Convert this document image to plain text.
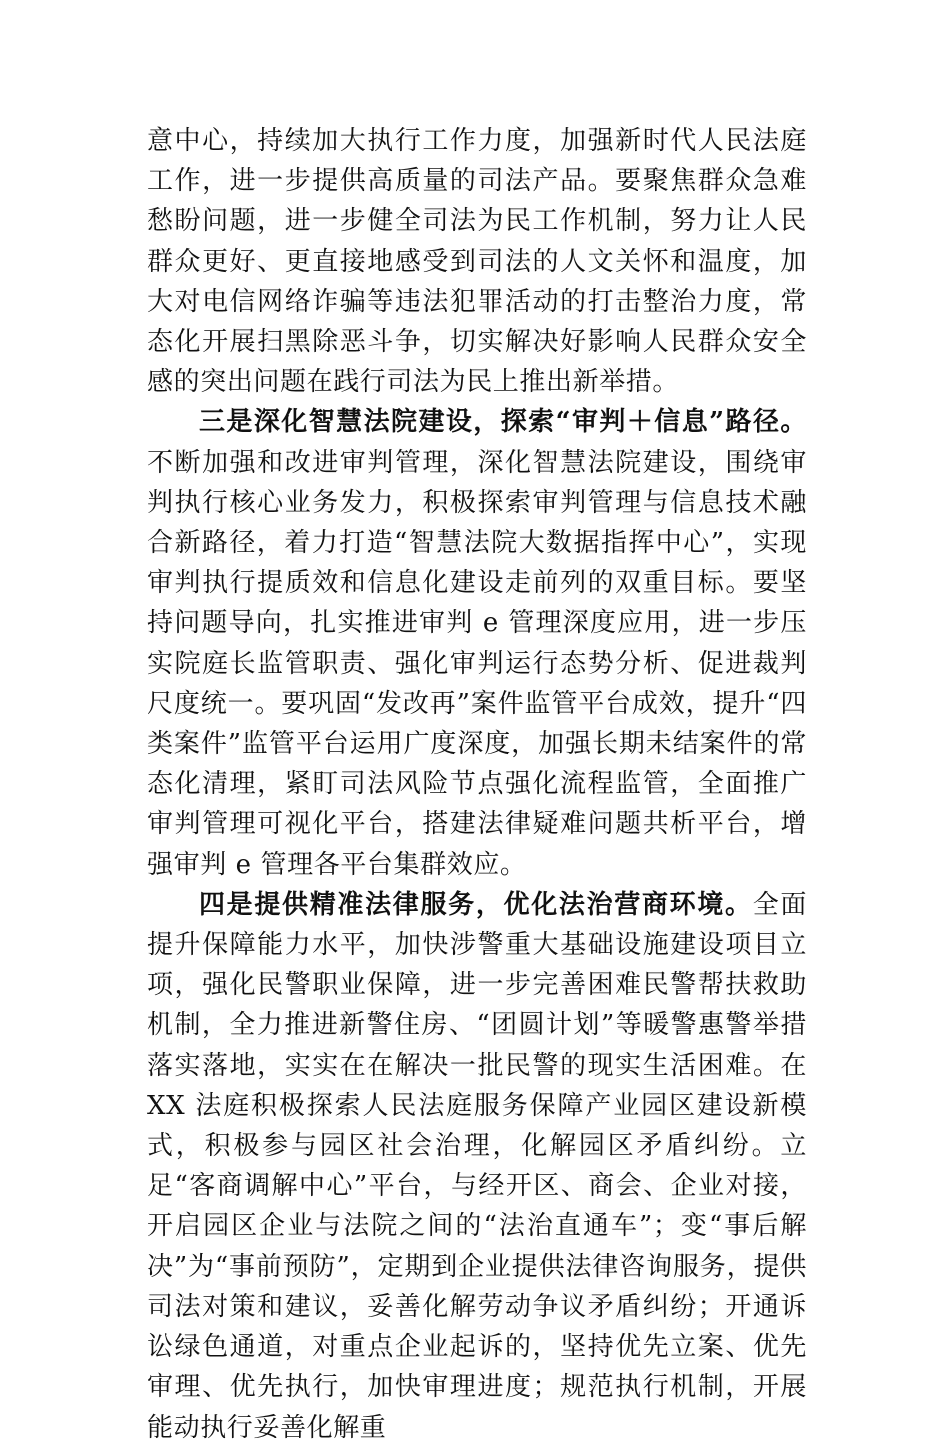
意中心，持续加大执行工作力度，加强新时代人民法庭工作，进一步提供高质量的司法产品。要聚焦群众急难愁盼问题，进一步健全司法为民工作机制，努力让人民群众更好、更直接地感受到司法的人文关怀和温度，加大对电信网络诈骗等违法犯罪活动的打击整治力度，常态化开展扫黑除恶斗争，切实解决好影响人民群众安全感的突出问题在践行司法为民上推出新举措。

三是深化智慧法院建设，探索“审判＋信息”路径。不断加强和改进审判管理，深化智慧法院建设，围绕审判执行核心业务发力，积极探索审判管理与信息技术融合新路径，着力打造“智慧法院大数据指挥中心”，实现审判执行提质效和信息化建设走前列的双重目标。要坚持问题导向，扎实推进审判 e 管理深度应用，进一步压实院庭长监管职责、强化审判运行态势分析、促进裁判尺度统一。要巩固“发改再”案件监管平台成效，提升“四类案件”监管平台运用广度深度，加强长期未结案件的常态化清理，紧盯司法风险节点强化流程监管，全面推广审判管理可视化平台，搭建法律疑难问题共析平台，增强审判 e 管理各平台集群效应。

四是提供精准法律服务，优化法治营商环境。全面提升保障能力水平，加快涉警重大基础设施建设项目立项，强化民警职业保障，进一步完善困难民警帮扶救助机制，全力推进新警住房、“团圆计划”等暖警惠警举措落实落地，实实在在解决一批民警的现实生活困难。在 XX 法庭积极探索人民法庭服务保障产业园区建设新模式，积极参与园区社会治理，化解园区矛盾纠纷。立足“客商调解中心”平台，与经开区、商会、企业对接，开启园区企业与法院之间的“法治直通车”；变“事后解决”为“事前预防”，定期到企业提供法律咨询服务，提供司法对策和建议，妥善化解劳动争议矛盾纠纷；开通诉讼绿色通道，对重点企业起诉的，坚持优先立案、优先审理、优先执行，加快审理进度；规范执行机制，开展能动执行妥善化解重
